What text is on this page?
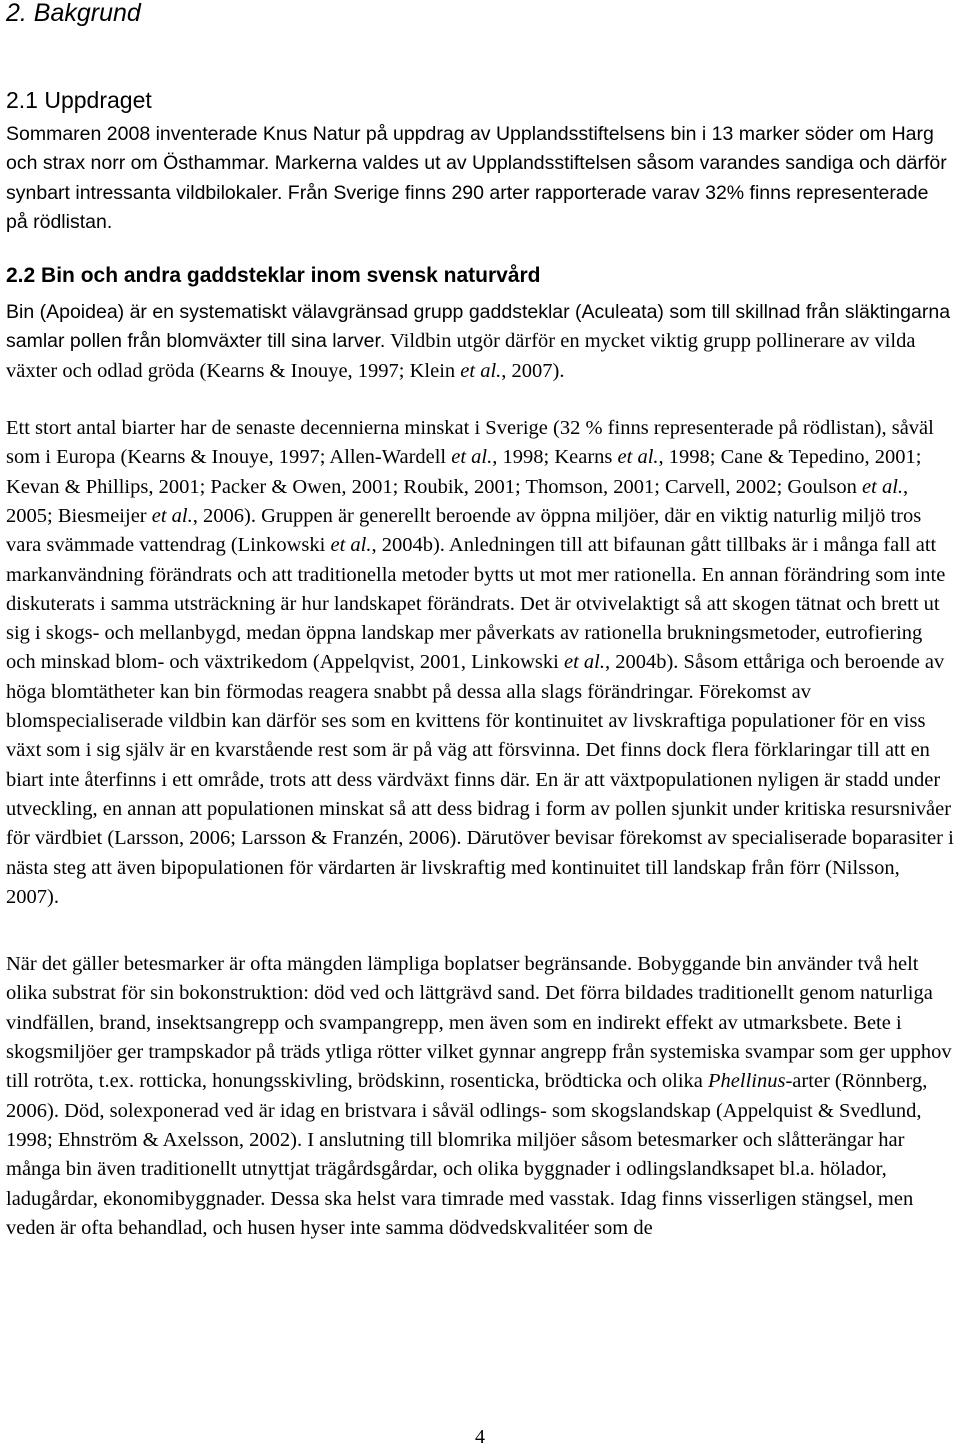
2. Bakgrund
2.1 Uppdraget

Sommaren 2008 inventerade Knus Natur på uppdrag av Upplandsstiftelsens bin i 13 marker söder om Harg och strax norr om Östhammar. Markerna valdes ut av Upplandsstiftelsen såsom varandes sandiga och därför synbart intressanta vildbilokaler. Från Sverige finns 290 arter rapporterade varav 32% finns representerade på rödlistan.

2.2 Bin och andra gaddsteklar inom svensk naturvård

Bin (Apoidea) är en systematiskt välavgränsad grupp gaddsteklar (Aculeata) som till skillnad från släktingarna samlar pollen från blomväxter till sina larver. Vildbin utgör därför en mycket viktig grupp pollinerare av vilda växter och odlad gröda (Kearns & Inouye, 1997; Klein et al., 2007).

Ett stort antal biarter har de senaste decennierna minskat i Sverige (32 % finns representerade på rödlistan), såväl som i Europa (Kearns & Inouye, 1997; Allen-Wardell et al., 1998; Kearns et al., 1998; Cane & Tepedino, 2001; Kevan & Phillips, 2001; Packer & Owen, 2001; Roubik, 2001; Thomson, 2001; Carvell, 2002; Goulson et al., 2005; Biesmeijer et al., 2006). Gruppen är generellt beroende av öppna miljöer, där en viktig naturlig miljö tros vara svämmade vattendrag (Linkowski et al., 2004b). Anledningen till att bifaunan gått tillbaks är i många fall att markanvändning förändrats och att traditionella metoder bytts ut mot mer rationella. En annan förändring som inte diskuterats i samma utsträckning är hur landskapet förändrats. Det är otvivelaktigt så att skogen tätnat och brett ut sig i skogs- och mellanbygd, medan öppna landskap mer påverkats av rationella brukningsmetoder, eutrofiering och minskad blom- och växtrikedom (Appelqvist, 2001, Linkowski et al., 2004b). Såsom ettåriga och beroende av höga blomtätheter kan bin förmodas reagera snabbt på dessa alla slags förändringar. Förekomst av blomspecialiserade vildbin kan därför ses som en kvittens för kontinuitet av livskraftiga populationer för en viss växt som i sig själv är en kvarstående rest som är på väg att försvinna. Det finns dock flera förklaringar till att en biart inte återfinns i ett område, trots att dess värdväxt finns där. En är att växtpopulationen nyligen är stadd under utveckling, en annan att populationen minskat så att dess bidrag i form av pollen sjunkit under kritiska resursnivåer för värdbiet (Larsson, 2006; Larsson & Franzén, 2006). Därutöver bevisar förekomst av specialiserade boparasiter i nästa steg att även bipopulationen för värdarten är livskraftig med kontinuitet till landskap från förr (Nilsson, 2007).

När det gäller betesmarker är ofta mängden lämpliga boplatser begränsande. Bobyggande bin använder två helt olika substrat för sin bokonstruktion: död ved och lättgrävd sand. Det förra bildades traditionellt genom naturliga vindfällen, brand, insektsangrepp och svampangrepp, men även som en indirekt effekt av utmarksbete. Bete i skogsmiljöer ger trampskador på träds ytliga rötter vilket gynnar angrepp från systemiska svampar som ger upphov till rotröta, t.ex. rotticka, honungsskivling, brödskinn, rosenticka, brödticka och olika Phellinus-arter (Rönnberg, 2006). Död, solexponerad ved är idag en bristvara i såväl odlings- som skogslandskap (Appelquist & Svedlund, 1998; Ehnström & Axelsson, 2002). I anslutning till blomrika miljöer såsom betesmarker och slåtterängar har många bin även traditionellt utnyttjat trägårdsgårdar, och olika byggnader i odlingslandksapet bl.a. hölador, ladugårdar, ekonomibyggnader. Dessa ska helst vara timrade med vasstak. Idag finns visserligen stängsel, men veden är ofta behandlad, och husen hyser inte samma dödvedskvalitéer som de

4
